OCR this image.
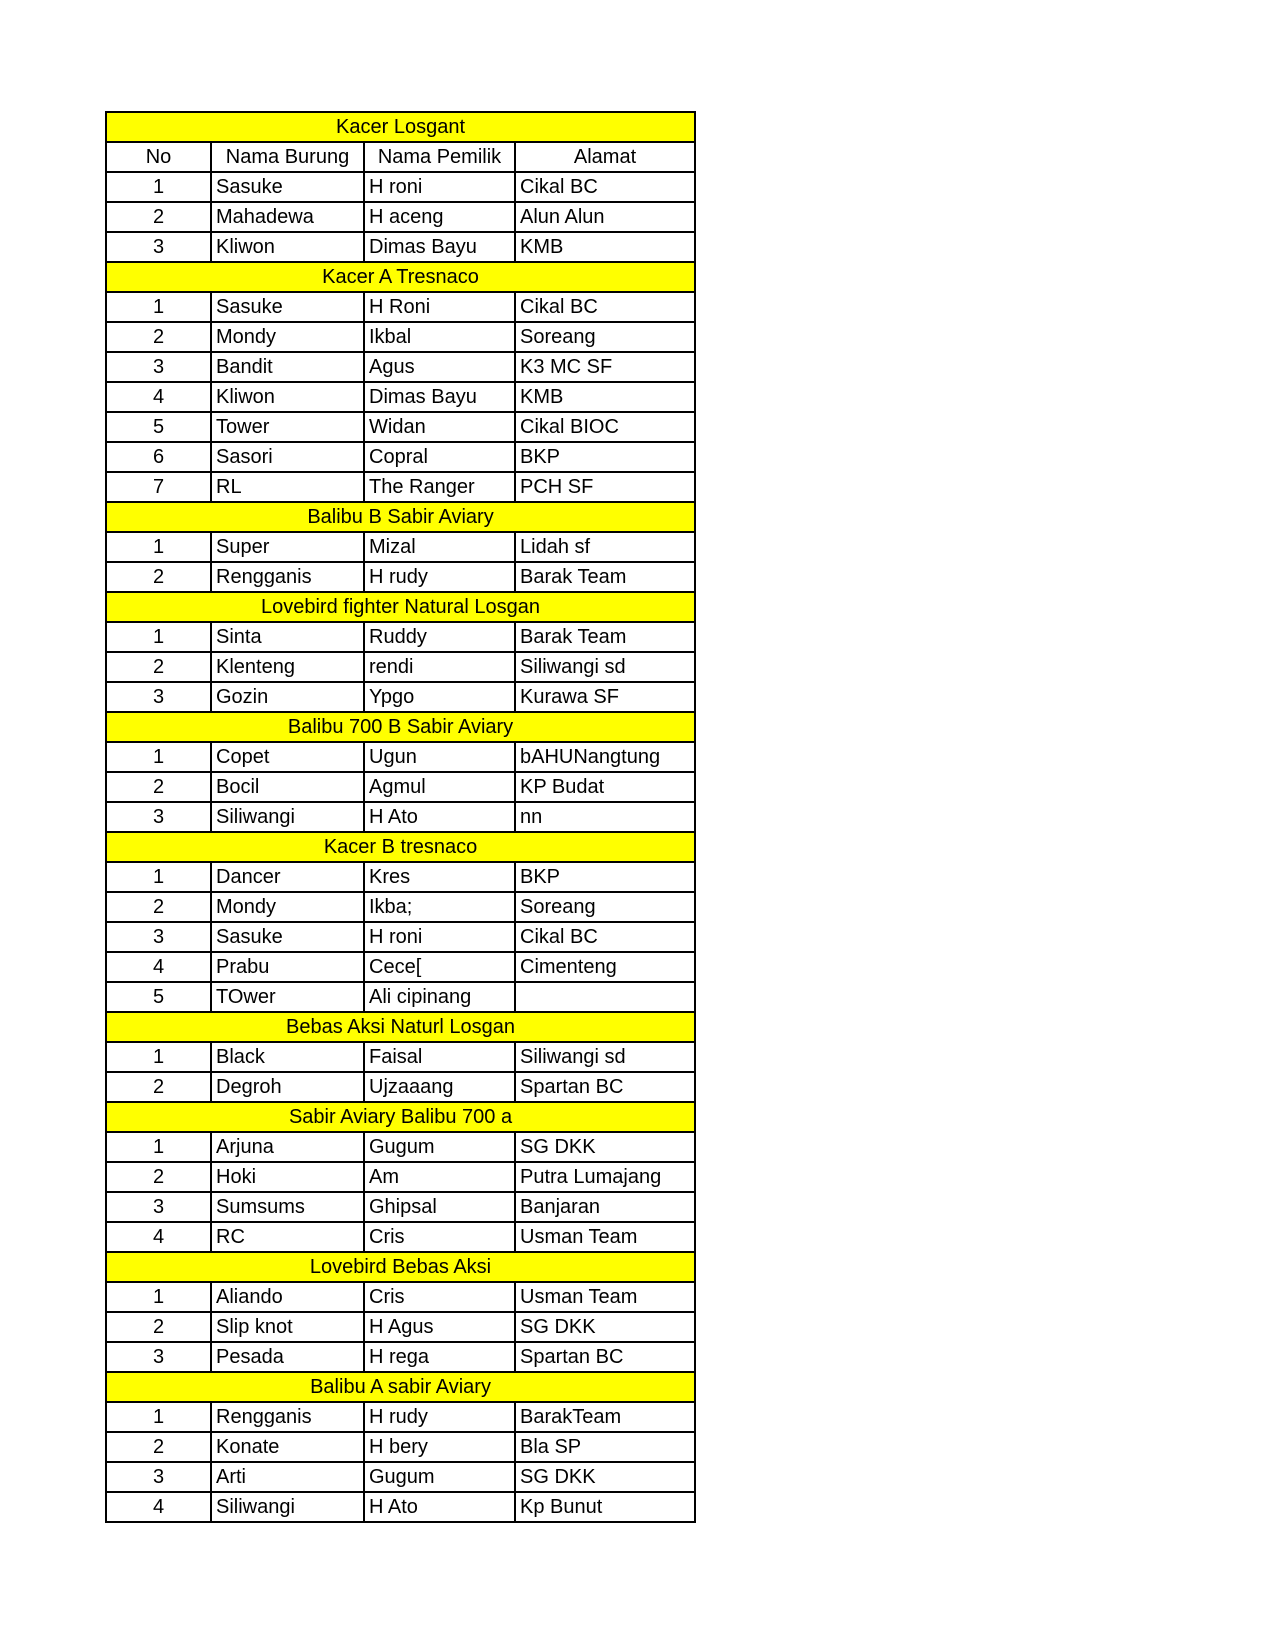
Kacer Losgant			
No	Nama Burung	Nama Pemilik	Alamat
1	Sasuke	H roni	Cikal BC
2	Mahadewa	H aceng	Alun Alun
3	Kliwon	Dimas Bayu	KMB
Kacer A Tresnaco			
1	Sasuke	H Roni	Cikal BC
2	Mondy	Ikbal	Soreang
3	Bandit	Agus	K3 MC SF
4	Kliwon	Dimas Bayu	KMB
5	Tower	Widan	Cikal BIOC
6	Sasori	Copral	BKP
7	RL	The Ranger	PCH SF
Balibu B Sabir Aviary			
1	Super	Mizal	Lidah sf
2	Rengganis	H rudy	Barak Team
Lovebird fighter Natural Losgan			
1	Sinta	Ruddy	Barak Team
2	Klenteng	rendi	Siliwangi sd
3	Gozin	Ypgo	Kurawa SF
Balibu 700 B Sabir Aviary			
1	Copet	Ugun	bAHUNangtung
2	Bocil	Agmul	KP Budat
3	Siliwangi	H Ato	nn
Kacer B tresnaco			
1	Dancer	Kres	BKP
2	Mondy	Ikba;	Soreang
3	Sasuke	H roni	Cikal BC
4	Prabu	Cece[	Cimenteng
5	TOwer	Ali cipinang	
Bebas Aksi Naturl Losgan			
1	Black	Faisal	Siliwangi sd
2	Degroh	Ujzaaang	Spartan BC
Sabir Aviary Balibu 700 a			
1	Arjuna	Gugum	SG DKK
2	Hoki	Am	Putra Lumajang
3	Sumsums	Ghipsal	Banjaran
4	RC	Cris	Usman Team
Lovebird Bebas Aksi			
1	Aliando	Cris	Usman Team
2	Slip knot	H Agus	SG DKK
3	Pesada	H rega	Spartan BC
Balibu A sabir Aviary			
1	Rengganis	H rudy	BarakTeam
2	Konate	H bery	Bla SP
3	Arti	Gugum	SG DKK
4	Siliwangi	H Ato	Kp Bunut
